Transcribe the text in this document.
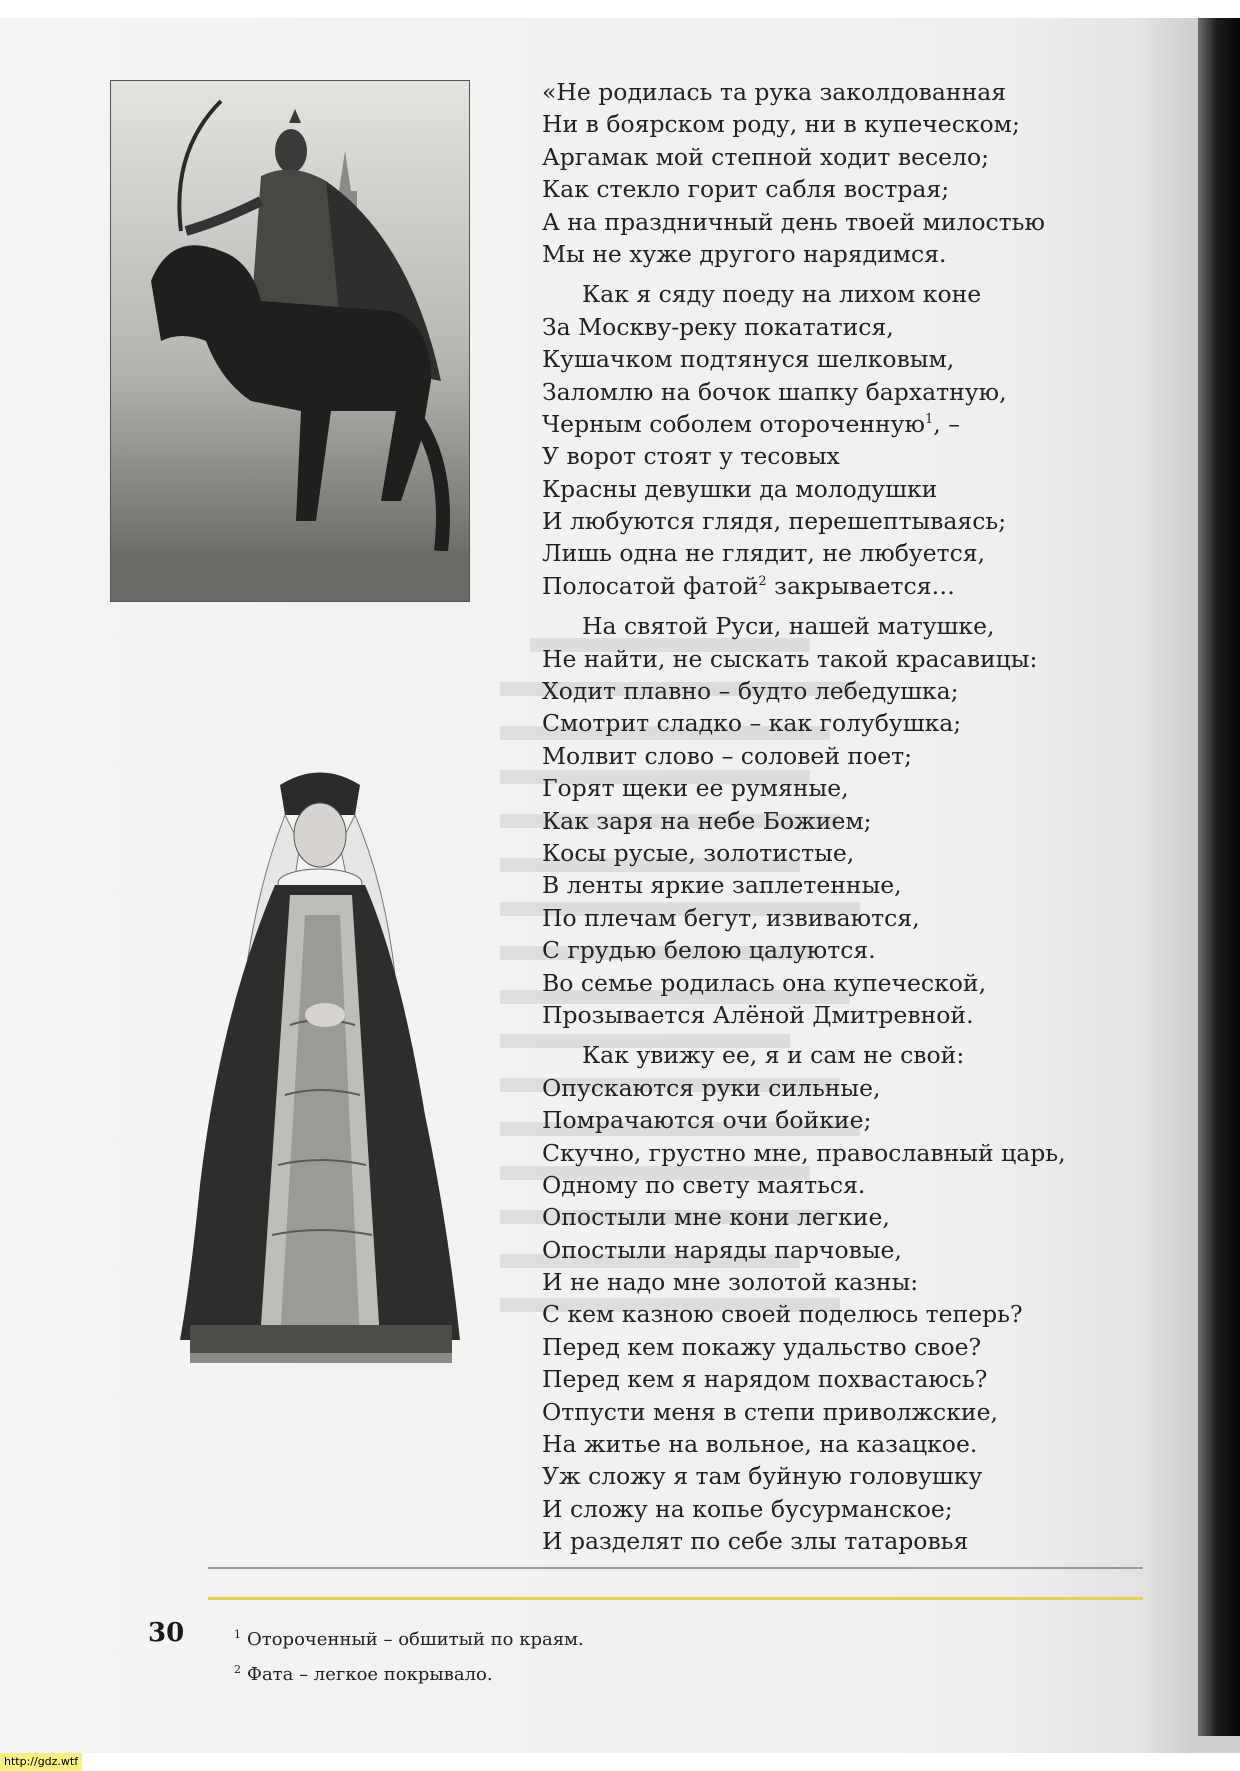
«Не родилась та рука заколдованная
Ни в боярском роду, ни в купеческом;
Аргамак мой степной ходит весело;
Как стекло горит сабля вострая;
А на праздничный день твоей милостью
Мы не хуже другого нарядимся.
Как я сяду поеду на лихом коне
За Москву-реку покататися,
Кушачком подтянуся шелковым,
Заломлю на бочок шапку бархатную,
Черным соболем отороченную$^1$, –
У ворот стоят у тесовых
Красны девушки да молодушки
И любуются глядя, перешептываясь;
Лишь одна не глядит, не любуется,
Полосатой фатой$^2$ закрывается…
На святой Руси, нашей матушке,
Не найти, не сыскать такой красавицы:
Ходит плавно – будто лебедушка;
Смотрит сладко – как голубушка;
Молвит слово – соловей поет;
Горят щеки ее румяные,
Как заря на небе Божием;
Косы русые, золотистые,
В ленты яркие заплетенные,
По плечам бегут, извиваются,
С грудью белою цалуются.
Во семье родилась она купеческой,
Прозывается Алёной Дмитревной.
Как увижу ее, я и сам не свой:
Опускаются руки сильные,
Помрачаются очи бойкие;
Скучно, грустно мне, православный царь,
Одному по свету маяться.
Опостыли мне кони легкие,
Опостыли наряды парчовые,
И не надо мне золотой казны:
С кем казною своей поделюсь теперь?
Перед кем покажу удальство свое?
Перед кем я нарядом похвастаюсь?
Отпусти меня в степи приволжские,
На житье на вольное, на казацкое.
Уж сложу я там буйную головушку
И сложу на копье бусурманское;
И разделят по себе злы татаровья
30	$^1$ Отороченный – обшитый по краям.
$^2$ Фата – легкое покрывало.
http://gdz.wtf
